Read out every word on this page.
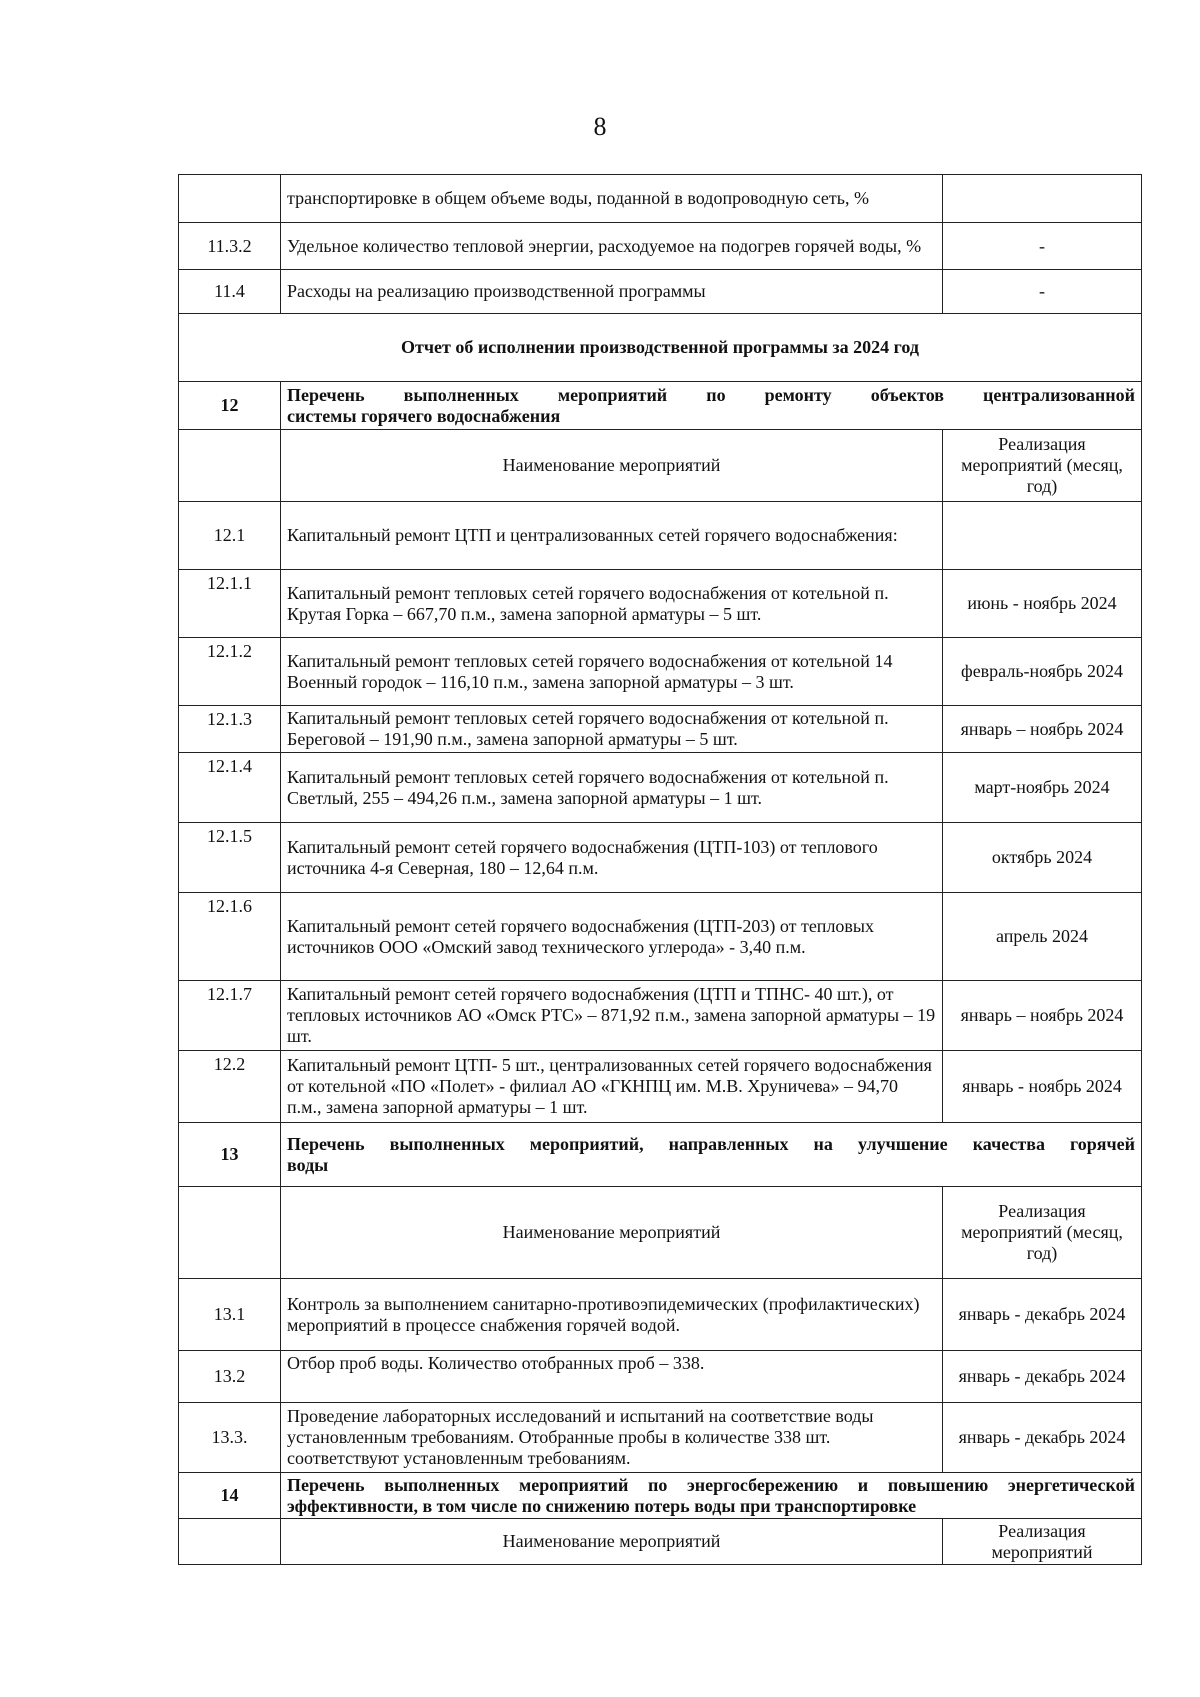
8
	транспортировке в общем объеме воды, поданной в водопроводную сеть, %	
11.3.2	Удельное количество тепловой энергии, расходуемое на подогрев горячей воды, %	-
11.4	Расходы на реализацию производственной программы	-
Отчет об исполнении производственной программы за 2024 год		
12	Перечень выполненных мероприятий по ремонту объектов централизованной
системы горячего водоснабжения	

	Наименование мероприятий	Реализация мероприятий (месяц, год)
12.1	Капитальный ремонт ЦТП и централизованных сетей горячего водоснабжения:	
12.1.1	Капитальный ремонт тепловых сетей горячего водоснабжения от котельной п. Крутая Горка – 667,70 п.м., замена запорной арматуры – 5 шт.	июнь - ноябрь 2024
12.1.2	Капитальный ремонт тепловых сетей горячего водоснабжения от котельной 14 Военный городок – 116,10 п.м., замена запорной арматуры – 3 шт.	февраль-ноябрь 2024
12.1.3	Капитальный ремонт тепловых сетей горячего водоснабжения от котельной п. Береговой – 191,90 п.м., замена запорной арматуры – 5 шт.	январь – ноябрь 2024
12.1.4	Капитальный ремонт тепловых сетей горячего водоснабжения от котельной п. Светлый, 255 – 494,26 п.м., замена запорной арматуры – 1 шт.	март-ноябрь 2024
12.1.5	Капитальный ремонт сетей горячего водоснабжения (ЦТП-103) от теплового источника 4-я Северная, 180 – 12,64 п.м.	октябрь 2024
12.1.6	Капитальный ремонт сетей горячего водоснабжения (ЦТП-203) от тепловых источников ООО «Омский завод технического углерода» - 3,40 п.м.	апрель 2024
12.1.7	Капитальный ремонт сетей горячего водоснабжения (ЦТП и ТПНС- 40 шт.), от тепловых источников АО «Омск РТС» – 871,92 п.м., замена запорной арматуры – 19 шт.	январь – ноябрь 2024
12.2	Капитальный ремонт ЦТП- 5 шт., централизованных сетей горячего водоснабжения от котельной «ПО «Полет» - филиал АО «ГКНПЦ им. М.В. Хруничева» – 94,70 п.м., замена запорной арматуры – 1 шт.	январь - ноябрь 2024
13	Перечень выполненных мероприятий, направленных на улучшение качества горячей
воды	

	Наименование мероприятий	Реализация мероприятий (месяц, год)
13.1	Контроль за выполнением санитарно-противоэпидемических (профилактических) мероприятий в процессе снабжения горячей водой.	январь - декабрь 2024
13.2	Отбор проб воды. Количество отобранных проб – 338.	январь - декабрь 2024
13.3.	Проведение лабораторных исследований и испытаний на соответствие воды установленным требованиям. Отобранные пробы в количестве 338 шт. соответствуют установленным требованиям.	январь - декабрь 2024
14	Перечень выполненных мероприятий по энергосбережению и повышению энергетической
эффективности, в том числе по снижению потерь воды при транспортировке	

	Наименование мероприятий	Реализация мероприятий
